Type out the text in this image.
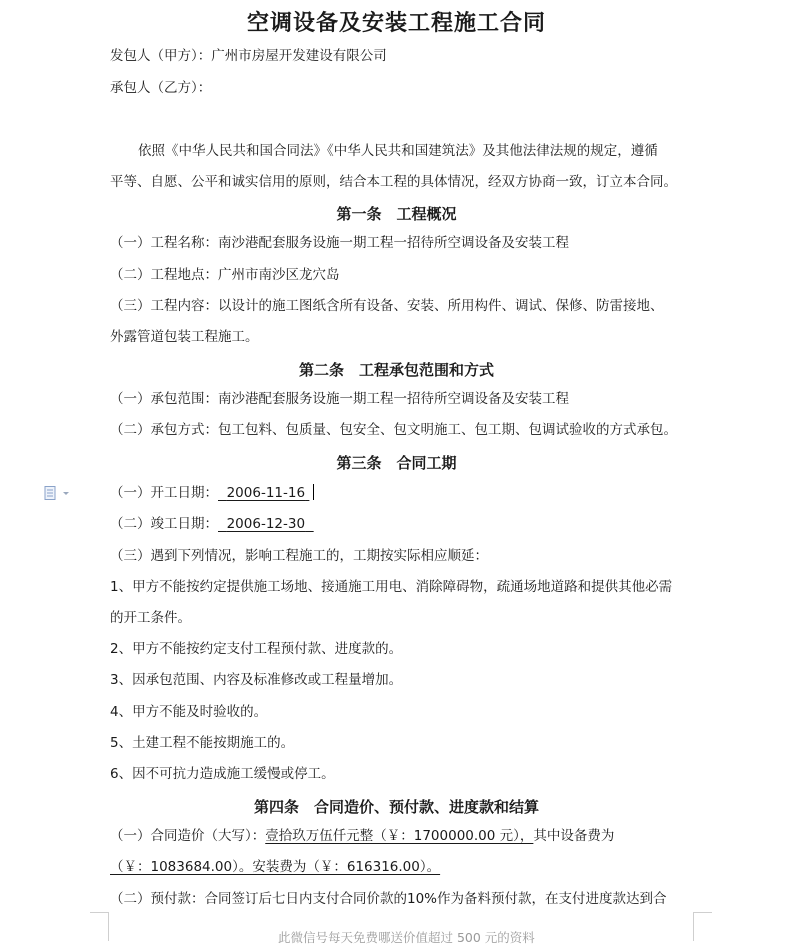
空调设备及安装工程施工合同
发包人（甲方）：广州市房屋开发建设有限公司
承包人（乙方）：
依照《中华人民共和国合同法》《中华人民共和国建筑法》及其他法律法规的规定，遵循
平等、自愿、公平和诚实信用的原则，结合本工程的具体情况，经双方协商一致，订立本合同。
第一条　工程概况
（一）工程名称：南沙港配套服务设施一期工程一招待所空调设备及安装工程
（二）工程地点：广州市南沙区龙穴岛
（三）工程内容：以设计的施工图纸含所有设备、安装、所用构件、调试、保修、防雷接地、
外露管道包装工程施工。
第二条　工程承包范围和方式
（一）承包范围：南沙港配套服务设施一期工程一招待所空调设备及安装工程
（二）承包方式：包工包料、包质量、包安全、包文明施工、包工期、包调试验收的方式承包。
第三条　合同工期
（一）开工日期： 2006-11-16
（二）竣工日期： 2006-12-30
（三）遇到下列情况，影响工程施工的，工期按实际相应顺延：
1、甲方不能按约定提供施工场地、接通施工用电、消除障碍物，疏通场地道路和提供其他必需
的开工条件。
2、甲方不能按约定支付工程预付款、进度款的。
3、因承包范围、内容及标准修改或工程量增加。
4、甲方不能及时验收的。
5、土建工程不能按期施工的。
6、因不可抗力造成施工缓慢或停工。
第四条　合同造价、预付款、进度款和结算
（一）合同造价（大写）：壹拾玖万伍仟元整（￥：1700000.00 元），其中设备费为
（￥：1083684.00）。安装费为（￥：616316.00）。
（二）预付款：合同签订后七日内支付合同价款的10%作为备料预付款，在支付进度款达到合
此微信号每天免费哪送价值超过 500 元的资料
